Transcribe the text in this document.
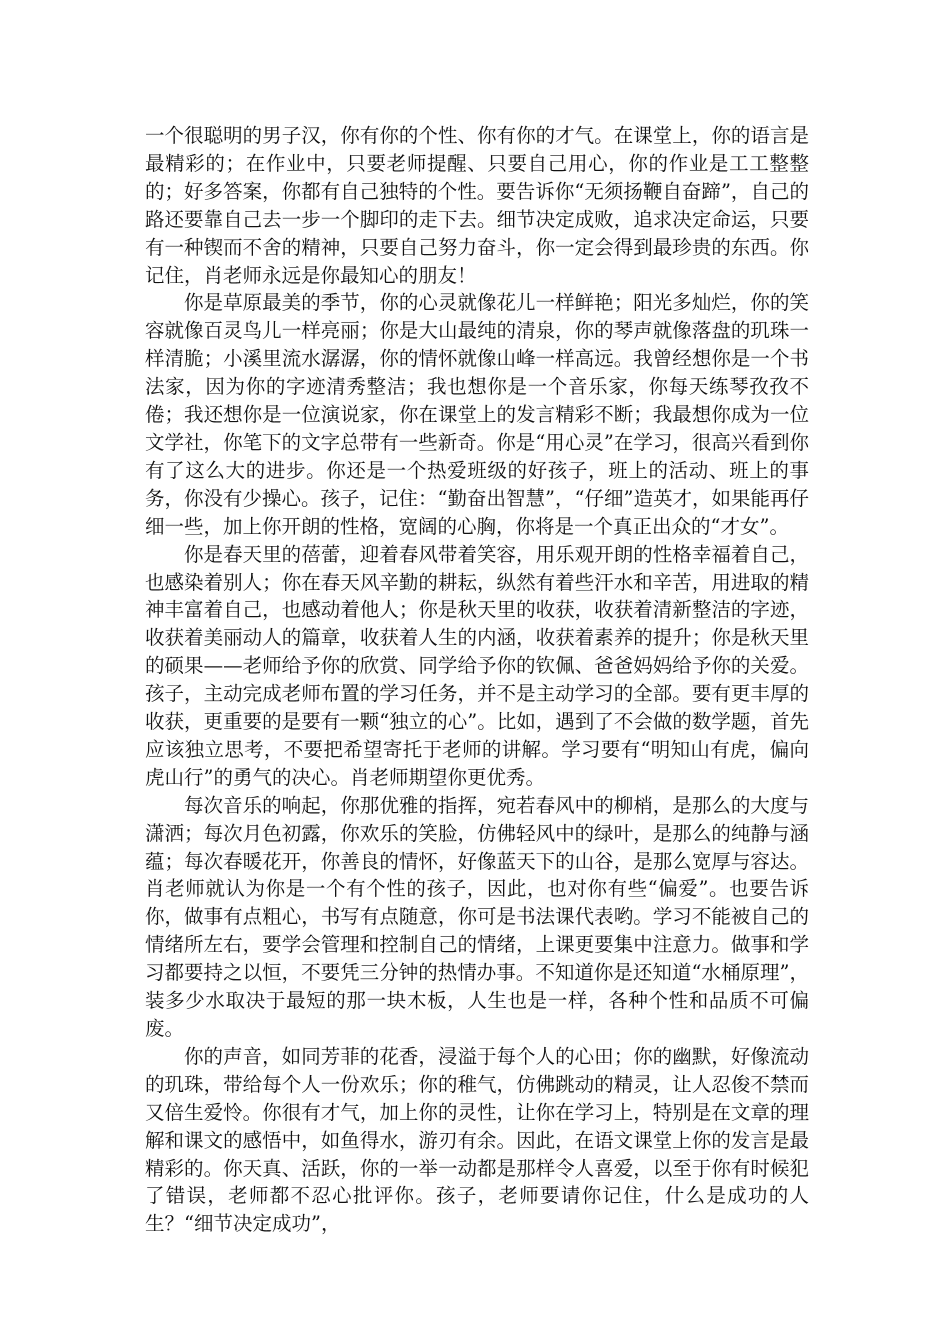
一个很聪明的男子汉，你有你的个性、你有你的才气。在课堂上，你的语言是最精彩的；在作业中，只要老师提醒、只要自己用心，你的作业是工工整整的；好多答案，你都有自己独特的个性。要告诉你“无须扬鞭自奋蹄”，自己的路还要靠自己去一步一个脚印的走下去。细节决定成败，追求决定命运，只要有一种锲而不舍的精神，只要自己努力奋斗，你一定会得到最珍贵的东西。你记住，肖老师永远是你最知心的朋友！

你是草原最美的季节，你的心灵就像花儿一样鲜艳；阳光多灿烂，你的笑容就像百灵鸟儿一样亮丽；你是大山最纯的清泉，你的琴声就像落盘的玑珠一样清脆；小溪里流水潺潺，你的情怀就像山峰一样高远。我曾经想你是一个书法家，因为你的字迹清秀整洁；我也想你是一个音乐家，你每天练琴孜孜不倦；我还想你是一位演说家，你在课堂上的发言精彩不断；我最想你成为一位文学社，你笔下的文字总带有一些新奇。你是“用心灵”在学习，很高兴看到你有了这么大的进步。你还是一个热爱班级的好孩子，班上的活动、班上的事务，你没有少操心。孩子，记住：“勤奋出智慧”，“仔细”造英才，如果能再仔细一些，加上你开朗的性格，宽阔的心胸，你将是一个真正出众的“才女”。

你是春天里的蓓蕾，迎着春风带着笑容，用乐观开朗的性格幸福着自己，也感染着别人；你在春天风辛勤的耕耘，纵然有着些汗水和辛苦，用进取的精神丰富着自己，也感动着他人；你是秋天里的收获，收获着清新整洁的字迹，收获着美丽动人的篇章，收获着人生的内涵，收获着素养的提升；你是秋天里的硕果——老师给予你的欣赏、同学给予你的钦佩、爸爸妈妈给予你的关爱。孩子，主动完成老师布置的学习任务，并不是主动学习的全部。要有更丰厚的收获，更重要的是要有一颗“独立的心”。比如，遇到了不会做的数学题，首先应该独立思考，不要把希望寄托于老师的讲解。学习要有“明知山有虎，偏向虎山行”的勇气的决心。肖老师期望你更优秀。

每次音乐的响起，你那优雅的指挥，宛若春风中的柳梢，是那么的大度与潇洒；每次月色初露，你欢乐的笑脸，仿佛轻风中的绿叶，是那么的纯静与涵蕴；每次春暖花开，你善良的情怀，好像蓝天下的山谷，是那么宽厚与容达。肖老师就认为你是一个有个性的孩子，因此，也对你有些“偏爱”。也要告诉你，做事有点粗心，书写有点随意，你可是书法课代表哟。学习不能被自己的情绪所左右，要学会管理和控制自己的情绪，上课更要集中注意力。做事和学习都要持之以恒，不要凭三分钟的热情办事。不知道你是还知道“水桶原理”，装多少水取决于最短的那一块木板，人生也是一样，各种个性和品质不可偏废。

你的声音，如同芳菲的花香，浸溢于每个人的心田；你的幽默，好像流动的玑珠，带给每个人一份欢乐；你的稚气，仿佛跳动的精灵，让人忍俊不禁而又倍生爱怜。你很有才气，加上你的灵性，让你在学习上，特别是在文章的理解和课文的感悟中，如鱼得水，游刃有余。因此，在语文课堂上你的发言是最精彩的。你天真、活跃，你的一举一动都是那样令人喜爱，以至于你有时候犯了错误，老师都不忍心批评你。孩子，老师要请你记住，什么是成功的人生？“细节决定成功”，
